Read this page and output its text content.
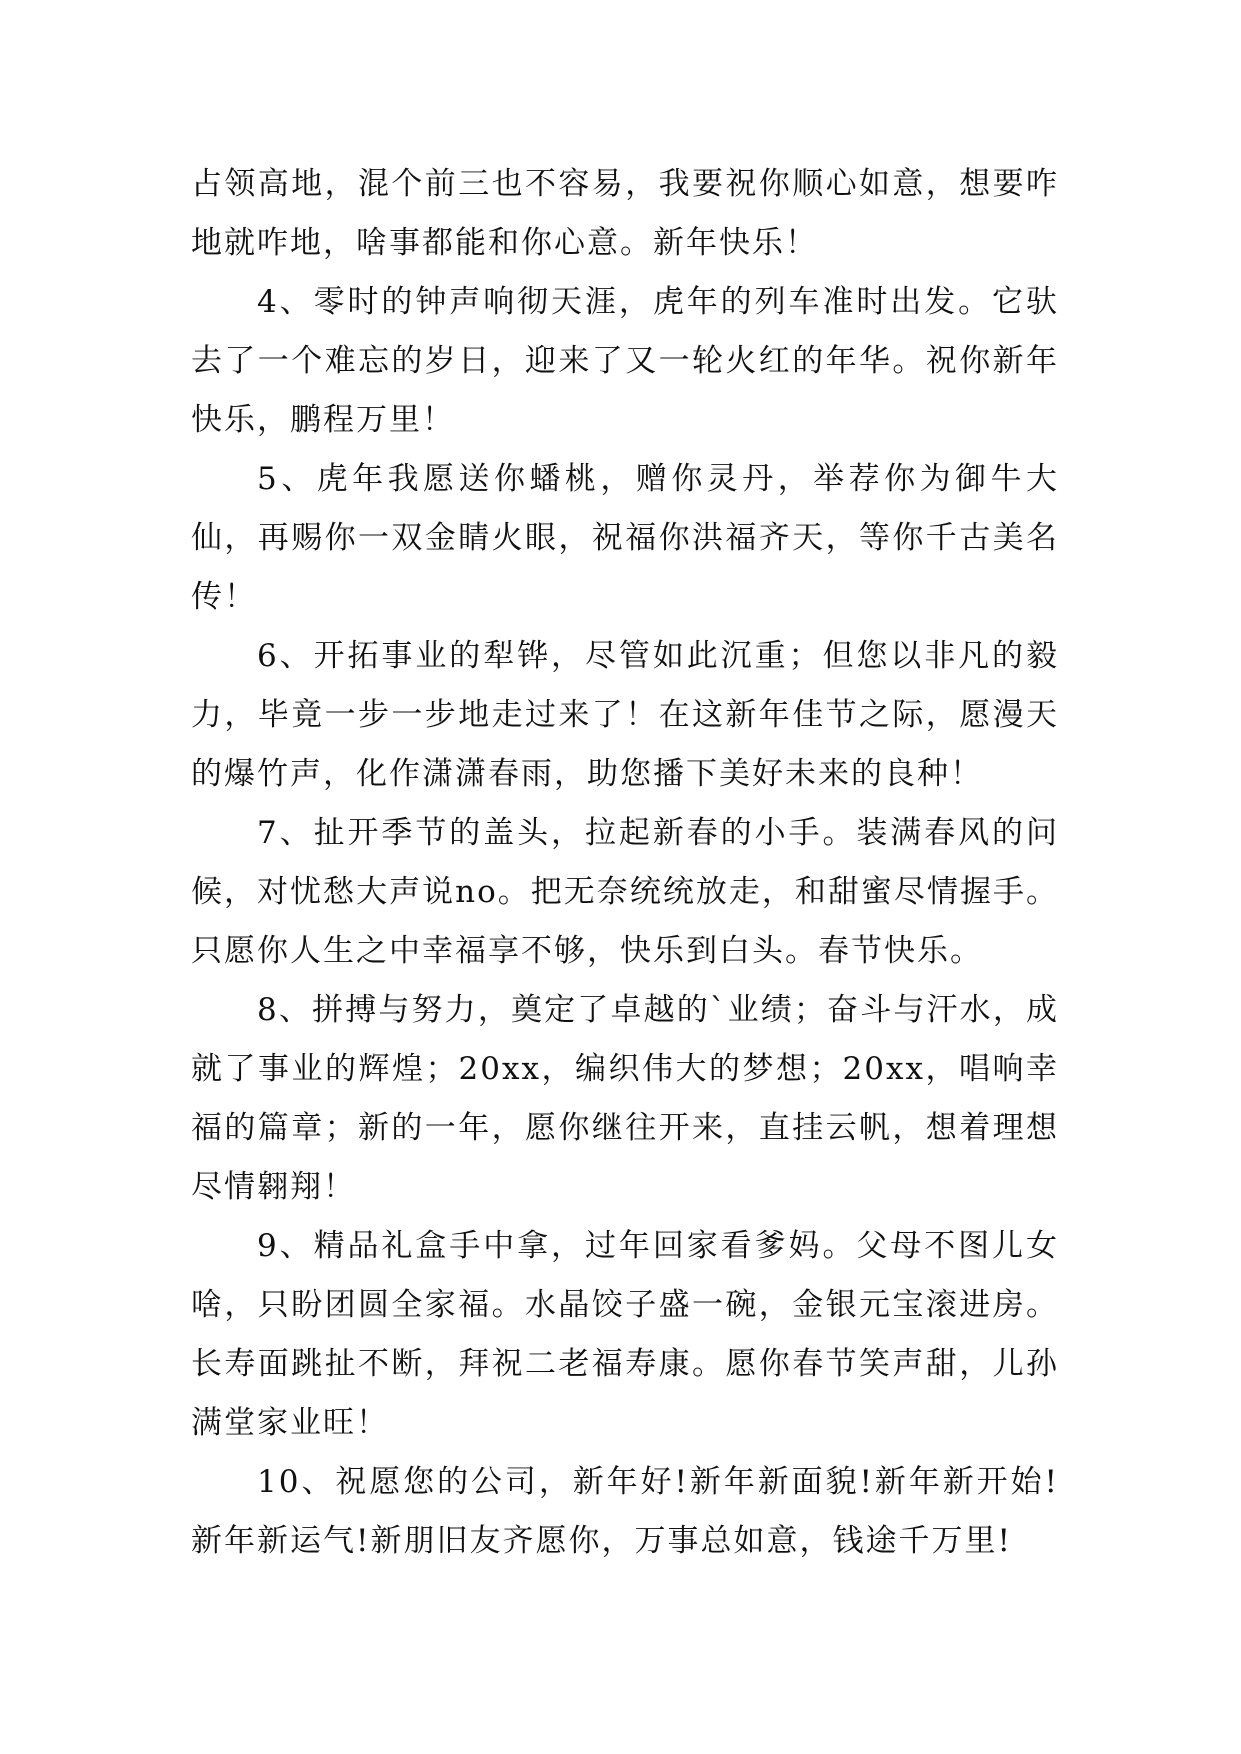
占领高地，混个前三也不容易，我要祝你顺心如意，想要咋地就咋地，啥事都能和你心意。新年快乐！

4、零时的钟声响彻天涯，虎年的列车准时出发。它驮去了一个难忘的岁日，迎来了又一轮火红的年华。祝你新年快乐，鹏程万里！

5、虎年我愿送你蟠桃，赠你灵丹，举荐你为御牛大仙，再赐你一双金睛火眼，祝福你洪福齐天，等你千古美名传！

6、开拓事业的犁铧，尽管如此沉重；但您以非凡的毅力，毕竟一步一步地走过来了！在这新年佳节之际，愿漫天的爆竹声，化作潇潇春雨，助您播下美好未来的良种！

7、扯开季节的盖头，拉起新春的小手。装满春风的问候，对忧愁大声说no。把无奈统统放走，和甜蜜尽情握手。只愿你人生之中幸福享不够，快乐到白头。春节快乐。

8、拼搏与努力，奠定了卓越的`业绩；奋斗与汗水，成就了事业的辉煌；20xx，编织伟大的梦想；20xx，唱响幸福的篇章；新的一年，愿你继往开来，直挂云帆，想着理想尽情翱翔！

9、精品礼盒手中拿，过年回家看爹妈。父母不图儿女啥，只盼团圆全家福。水晶饺子盛一碗，金银元宝滚进房。长寿面跳扯不断，拜祝二老福寿康。愿你春节笑声甜，儿孙满堂家业旺！

10、祝愿您的公司，新年好!新年新面貌!新年新开始!新年新运气!新朋旧友齐愿你，万事总如意，钱途千万里!
